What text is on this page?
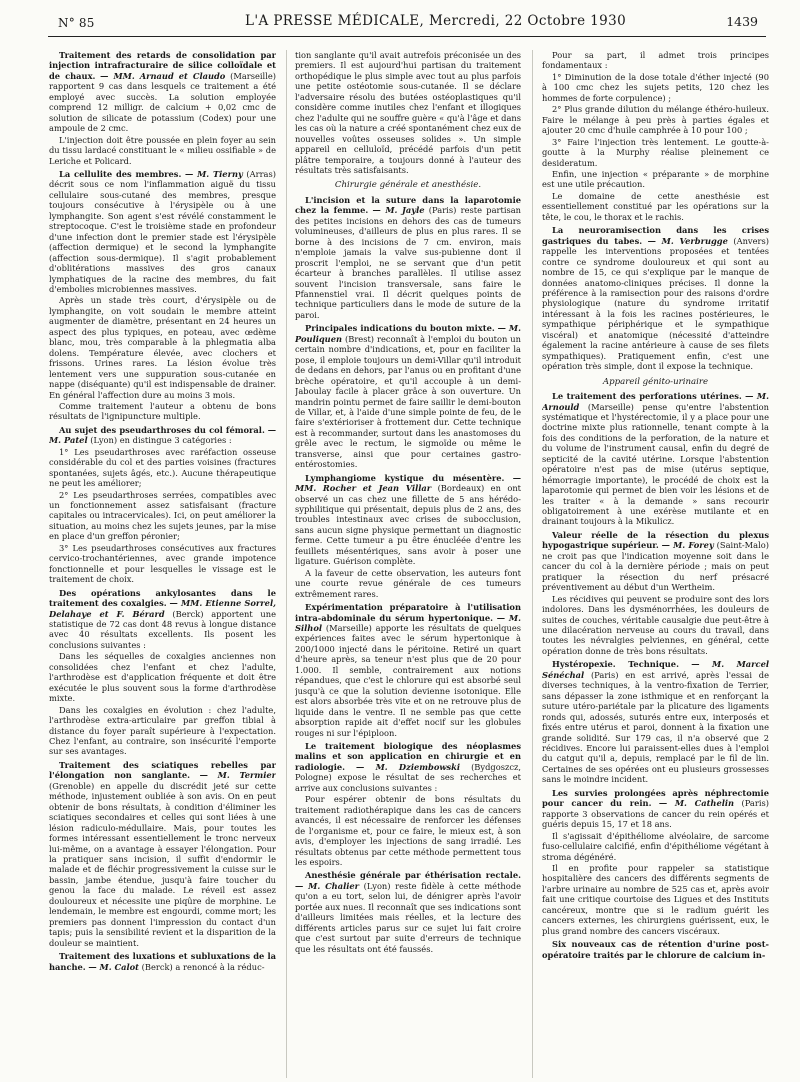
N° 85	L'A PRESSE MÉDICALE, Mercredi, 22 Octobre 1930	1439

Traitement des retards de consolidation par injection intrafracturaire de silice colloïdale et de chaux. — MM. Arnaud et Claudo (Marseille) rapportent 9 cas dans lesquels ce traitement a été employé avec succès. La solution employée comprend 12 milligr. de calcium + 0,02 cmc de solution de silicate de potassium (Codex) pour une ampoule de 2 cmc.

L'injection doit être poussée en plein foyer au sein du tissu lardacé constituant le « milieu ossifiable » de Leriche et Policard.

La cellulite des membres. — M. Tierny (Arras) décrit sous ce nom l'inflammation aiguë du tissu cellulaire sous-cutané des membres, presque toujours consécutive à l'érysipèle ou à une lymphangite. Son agent s'est révélé constamment le streptocoque. C'est le troisième stade en profondeur d'une infection dont le premier stade est l'érysipèle (affection dermique) et le second la lymphangite (affection sous-dermique). Il s'agit probablement d'oblitérations massives des gros canaux lymphatiques de la racine des membres, du fait d'embolies microbiennes massives.

Après un stade très court, d'érysipèle ou de lymphangite, on voit soudain le membre atteint augmenter de diamètre, présentant en 24 heures un aspect des plus typiques, en poteau, avec œdème blanc, mou, très comparable à la phlegmatia alba dolens. Température élevée, avec clochers et frissons. Urines rares. La lésion évolue très lentement vers une suppuration sous-cutanée en nappe (diséquante) qu'il est indispensable de drainer. En général l'affection dure au moins 3 mois.

Comme traitement l'auteur a obtenu de bons résultats de l'ignipuncture multiple.

Au sujet des pseudarthroses du col fémoral. — M. Patel (Lyon) en distingue 3 catégories :

1° Les pseudarthroses avec raréfaction osseuse considérable du col et des parties voisines (fractures spontanées, sujets âgés, etc.). Aucune thérapeutique ne peut les améliorer;

2° Les pseudarthroses serrées, compatibles avec un fonctionnement assez satisfaisant (fracture capitales ou intracervicales). Ici, on peut améliorer la situation, au moins chez les sujets jeunes, par la mise en place d'un greffon péronier;

3° Les pseudarthroses consécutives aux fractures cervico-trochantériennes, avec grande impotence fonctionnelle et pour lesquelles le vissage est le traitement de choix.

Des opérations ankylosantes dans le traitement des coxalgies. — MM. Etienne Sorrel, Delahaye et F. Bérard (Berck) apportent une statistique de 72 cas dont 48 revus à longue distance avec 40 résultats excellents. Ils posent les conclusions suivantes :

Dans les séquelles de coxalgies anciennes non consolidées chez l'enfant et chez l'adulte, l'arthrodèse est d'application fréquente et doit être exécutée le plus souvent sous la forme d'arthrodèse mixte.

Dans les coxalgies en évolution : chez l'adulte, l'arthrodèse extra-articulaire par greffon tibial à distance du foyer paraît supérieure à l'expectation. Chez l'enfant, au contraire, son insécurité l'emporte sur ses avantages.

Traitement des sciatiques rebelles par l'élongation non sanglante. — M. Termier (Grenoble) en appelle du discrédit jeté sur cette méthode, injustement oubliée à son avis. On en peut obtenir de bons résultats, à condition d'éliminer les sciatiques secondaires et celles qui sont liées à une lésion radiculo-médullaire. Mais, pour toutes les formes intéressant essentiellement le tronc nerveux lui-même, on a avantage à essayer l'élongation. Pour la pratiquer sans incision, il suffit d'endormir le malade et de fléchir progressivement la cuisse sur le bassin, jambe étendue, jusqu'à faire toucher du genou la face du malade. Le réveil est assez douloureux et nécessite une piqûre de morphine. Le lendemain, le membre est engourdi, comme mort; les premiers pas donnent l'impression du contact d'un tapis; puis la sensibilité revient et la disparition de la douleur se maintient.

Traitement des luxations et subluxations de la hanche. — M. Calot (Berck) a renoncé à la réduc-

tion sanglante qu'il avait autrefois préconisée un des premiers. Il est aujourd'hui partisan du traitement orthopédique le plus simple avec tout au plus parfois une petite ostéotomie sous-cutanée. Il se déclare l'adversaire résolu des butées ostéoplastiques qu'il considère comme inutiles chez l'enfant et illogiques chez l'adulte qui ne souffre guère « qu'à l'âge et dans les cas où la nature a créé spontanément chez eux de nouvelles voûtes osseuses solides ». Un simple appareil en celluloïd, précédé parfois d'un petit plâtre temporaire, a toujours donné à l'auteur des résultats très satisfaisants.

Chirurgie générale et anesthésie.

L'incision et la suture dans la laparotomie chez la femme. — M. Jayle (Paris) reste partisan des petites incisions en dehors des cas de tumeurs volumineuses, d'ailleurs de plus en plus rares. Il se borne à des incisions de 7 cm. environ, mais n'emploie jamais la valve sus-pubienne dont il proscrit l'emploi, ne se servant que d'un petit écarteur à branches parallèles. Il utilise assez souvent l'incision transversale, sans faire le Pfannenstiel vrai. Il décrit quelques points de technique particuliers dans le mode de suture de la paroi.

Principales indications du bouton mixte. — M. Pouliquen (Brest) reconnaît à l'emploi du bouton un certain nombre d'indications, et, pour en faciliter la pose, il emploie toujours un demi-Villar qu'il introduit de dedans en dehors, par l'anus ou en profitant d'une brèche opératoire, et qu'il accouple à un demi-Jaboulay facile à placer grâce à son ouverture. Un mandrin pointu permet de faire saillir le demi-bouton de Villar, et, à l'aide d'une simple pointe de feu, de le faire s'extérioriser à frottement dur. Cette technique est à recommander, surtout dans les anastomoses du grêle avec le rectum, le sigmoïde ou même le transverse, ainsi que pour certaines gastro-entérostomies.

Lymphangiome kystique du mésentère. — MM. Rocher et Jean Villar (Bordeaux) en ont observé un cas chez une fillette de 5 ans hérédo-syphilitique qui présentait, depuis plus de 2 ans, des troubles intestinaux avec crises de subocclusion, sans aucun signe physique permettant un diagnostic ferme. Cette tumeur a pu être énucléée d'entre les feuillets mésentériques, sans avoir à poser une ligature. Guérison complète.

A la faveur de cette observation, les auteurs font une courte revue générale de ces tumeurs extrêmement rares.

Expérimentation préparatoire à l'utilisation intra-abdominale du sérum hypertonique. — M. Silhol (Marseille) apporte les résultats de quelques expériences faites avec le sérum hypertonique à 200/1000 injecté dans le péritoine. Retiré un quart d'heure après, sa teneur n'est plus que de 20 pour 1.000. Il semble, contrairement aux notions répandues, que c'est le chlorure qui est absorbé seul jusqu'à ce que la solution devienne isotonique. Elle est alors absorbée très vite et on ne retrouve plus de liquide dans le ventre. Il ne semble pas que cette absorption rapide ait d'effet nocif sur les globules rouges ni sur l'épiploon.

Le traitement biologique des néoplasmes malins et son application en chirurgie et en radiologie. — M. Dziembowski (Bydgoszcz, Pologne) expose le résultat de ses recherches et arrive aux conclusions suivantes :

Pour espérer obtenir de bons résultats du traitement radiothérapique dans les cas de cancers avancés, il est nécessaire de renforcer les défenses de l'organisme et, pour ce faire, le mieux est, à son avis, d'employer les injections de sang irradié. Les résultats obtenus par cette méthode permettent tous les espoirs.

Anesthésie générale par éthérisation rectale. — M. Chalier (Lyon) reste fidèle à cette méthode qu'on a eu tort, selon lui, de dénigrer après l'avoir portée aux nues. Il reconnaît que ses indications sont d'ailleurs limitées mais réelles, et la lecture des différents articles parus sur ce sujet lui fait croire que c'est surtout par suite d'erreurs de technique que les résultats ont été faussés.

Pour sa part, il admet trois principes fondamentaux :

1° Diminution de la dose totale d'éther injecté (90 à 100 cmc chez les sujets petits, 120 chez les hommes de forte corpulence) ;

2° Plus grande dilution du mélange éthéro-huileux. Faire le mélange à peu près à parties égales et ajouter 20 cmc d'huile camphrée à 10 pour 100 ;

3° Faire l'injection très lentement. Le goutte-à-goutte à la Murphy réalise pleinement ce desideratum.

Enfin, une injection « préparante » de morphine est une utile précaution.

Le domaine de cette anesthésie est essentiellement constitué par les opérations sur la tête, le cou, le thorax et le rachis.

La neuroramisection dans les crises gastriques du tabes. — M. Verbrugge (Anvers) rappelle les interventions proposées et tentées contre ce syndrome douloureux et qui sont au nombre de 15, ce qui s'explique par le manque de données anatomo-cliniques précises. Il donne la préférence à la ramisection pour des raisons d'ordre physiologique (nature du syndrome irritatif intéressant à la fois les racines postérieures, le sympathique périphérique et le sympathique viscéral) et anatomique (nécessité d'atteindre également la racine antérieure à cause de ses filets sympathiques). Pratiquement enfin, c'est une opération très simple, dont il expose la technique.

Appareil génito-urinaire

Le traitement des perforations utérines. — M. Arnould (Marseille) pense qu'entre l'abstention systématique et l'hystérectomie, il y a place pour une doctrine mixte plus rationnelle, tenant compte à la fois des conditions de la perforation, de la nature et du volume de l'instrument causal, enfin du degré de septicité de la cavité utérine. Lorsque l'abstention opératoire n'est pas de mise (utérus septique, hémorragie importante), le procédé de choix est la laparotomie qui permet de bien voir les lésions et de les traiter « à la demande » sans recourir obligatoirement à une exérèse mutilante et en drainant toujours à la Mikulicz.

Valeur réelle de la résection du plexus hypogastrique supérieur. — M. Forey (Saint-Malo) ne croit pas que l'indication moyenne soit dans le cancer du col à la dernière période ; mais on peut pratiquer la résection du nerf présacré préventivement au début d'un Wertheim.

Les récidives qui peuvent se produire sont des lors indolores. Dans les dysménorrhées, les douleurs de suites de couches, véritable causalgie due peut-être à une dilacération nerveuse au cours du travail, dans toutes les névralgies pelviennes, en général, cette opération donne de très bons résultats.

Hystéropexie. Technique. — M. Marcel Sénéchal (Paris) en est arrivé, après l'essai de diverses techniques, à la ventro-fixation de Terrier, sans dépasser la zone isthmique et en renforçant la suture utéro-pariétale par la plicature des ligaments ronds qui, adossés, suturés entre eux, interposés et fixés entre utérus et paroi, donnent à la fixation une grande solidité. Sur 179 cas, il n'a observé que 2 récidives. Encore lui paraissent-elles dues à l'emploi du catgut qu'il a, depuis, remplacé par le fil de lin. Certaines de ses opérées ont eu plusieurs grossesses sans le moindre incident.

Les survies prolongées après néphrectomie pour cancer du rein. — M. Cathelin (Paris) rapporte 3 observations de cancer du rein opérés et guéris depuis 15, 17 et 18 ans.

Il s'agissait d'épithéliome alvéolaire, de sarcome fuso-cellulaire calcifié, enfin d'épithéliome végétant à stroma dégénéré.

Il en profite pour rappeler sa statistique hospitalière des cancers des différents segments de l'arbre urinaire au nombre de 525 cas et, après avoir fait une critique courtoise des Ligues et des Instituts cancéreux, montre que si le radium guérit les cancers externes, les chirurgiens guérissent, eux, le plus grand nombre des cancers viscéraux.

Six nouveaux cas de rétention d'urine post-opératoire traités par le chlorure de calcium in-
